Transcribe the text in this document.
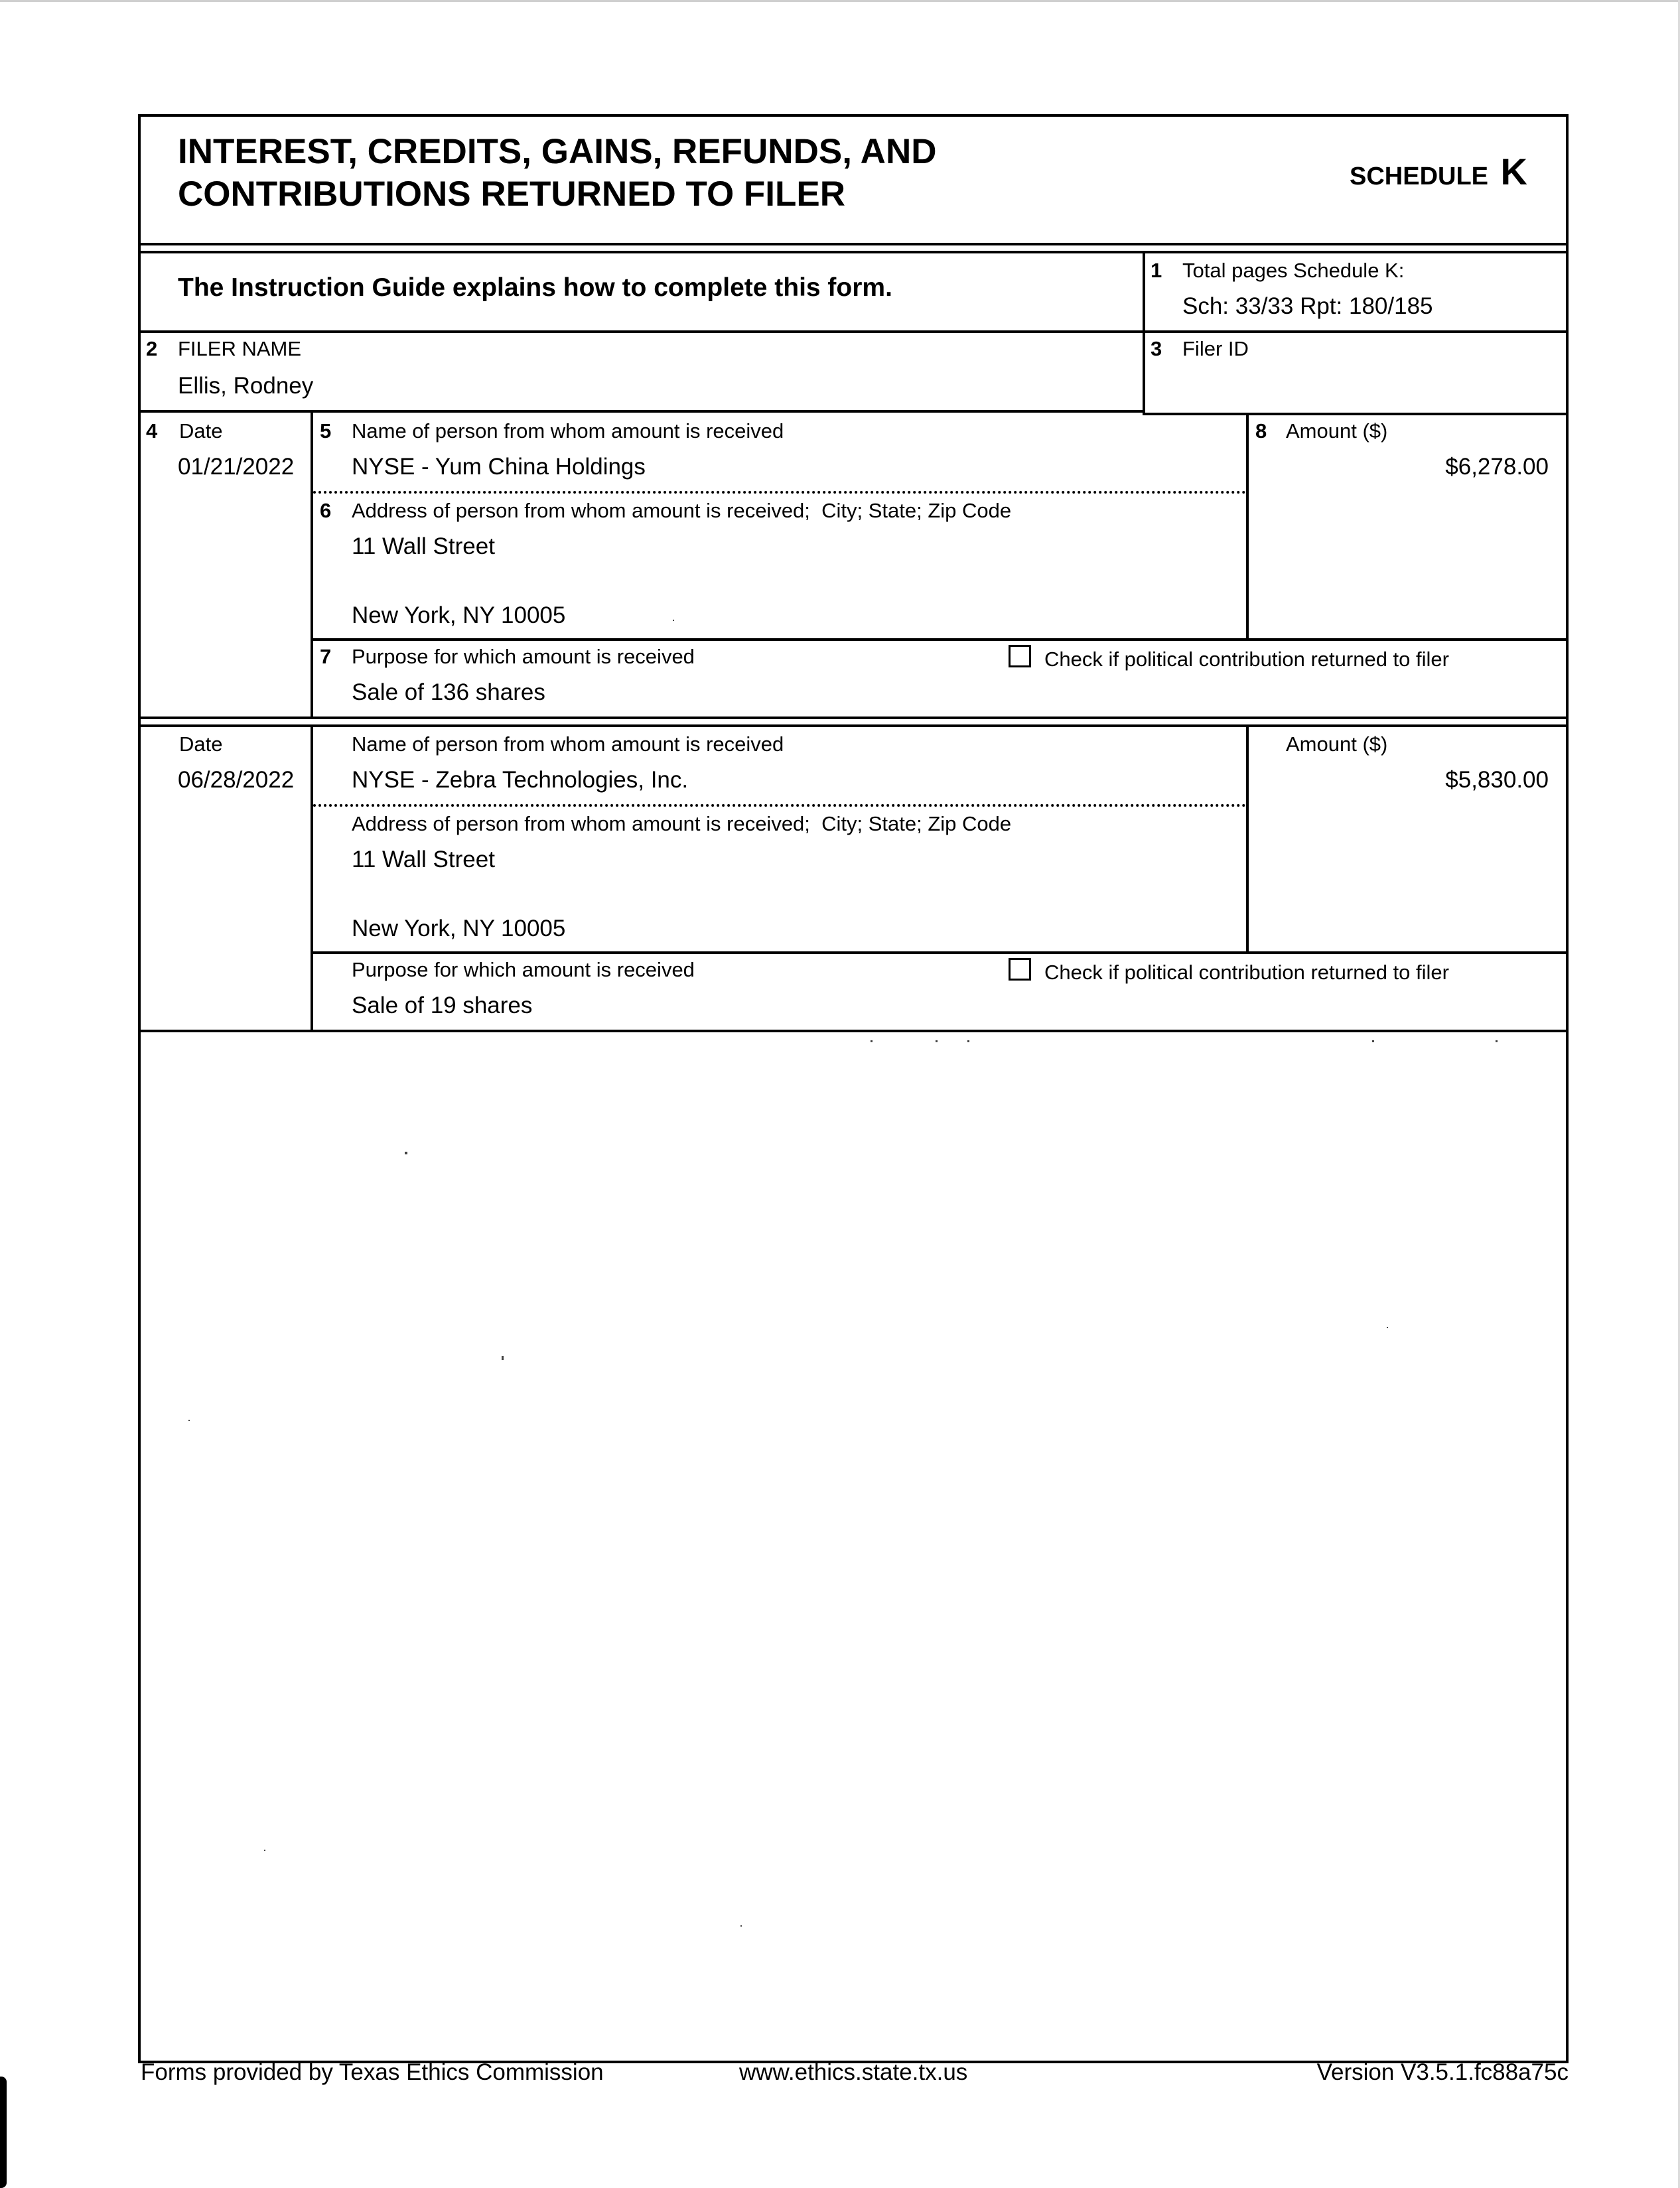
INTEREST, CREDITS, GAINS, REFUNDS, AND
CONTRIBUTIONS RETURNED TO FILER	SCHEDULE K
The Instruction Guide explains how to complete this form.
1 Total pages Schedule K:
Sch: 33/33 Rpt: 180/185
2 FILER NAME
Ellis, Rodney
3 Filer ID
4 Date
01/21/2022
5 Name of person from whom amount is received
NYSE - Yum China Holdings
6 Address of person from whom amount is received;  City; State; Zip Code
11 Wall Street
New York, NY 10005
8 Amount ($)
$6,278.00
7 Purpose for which amount is received
Sale of 136 shares
Check if political contribution returned to filer
Date
06/28/2022
Name of person from whom amount is received
NYSE - Zebra Technologies, Inc.
Address of person from whom amount is received;  City; State; Zip Code
11 Wall Street
New York, NY 10005
Amount ($)
$5,830.00
Purpose for which amount is received
Sale of 19 shares
Check if political contribution returned to filer
Forms provided by Texas Ethics Commission	www.ethics.state.tx.us	Version V3.5.1.fc88a75c
